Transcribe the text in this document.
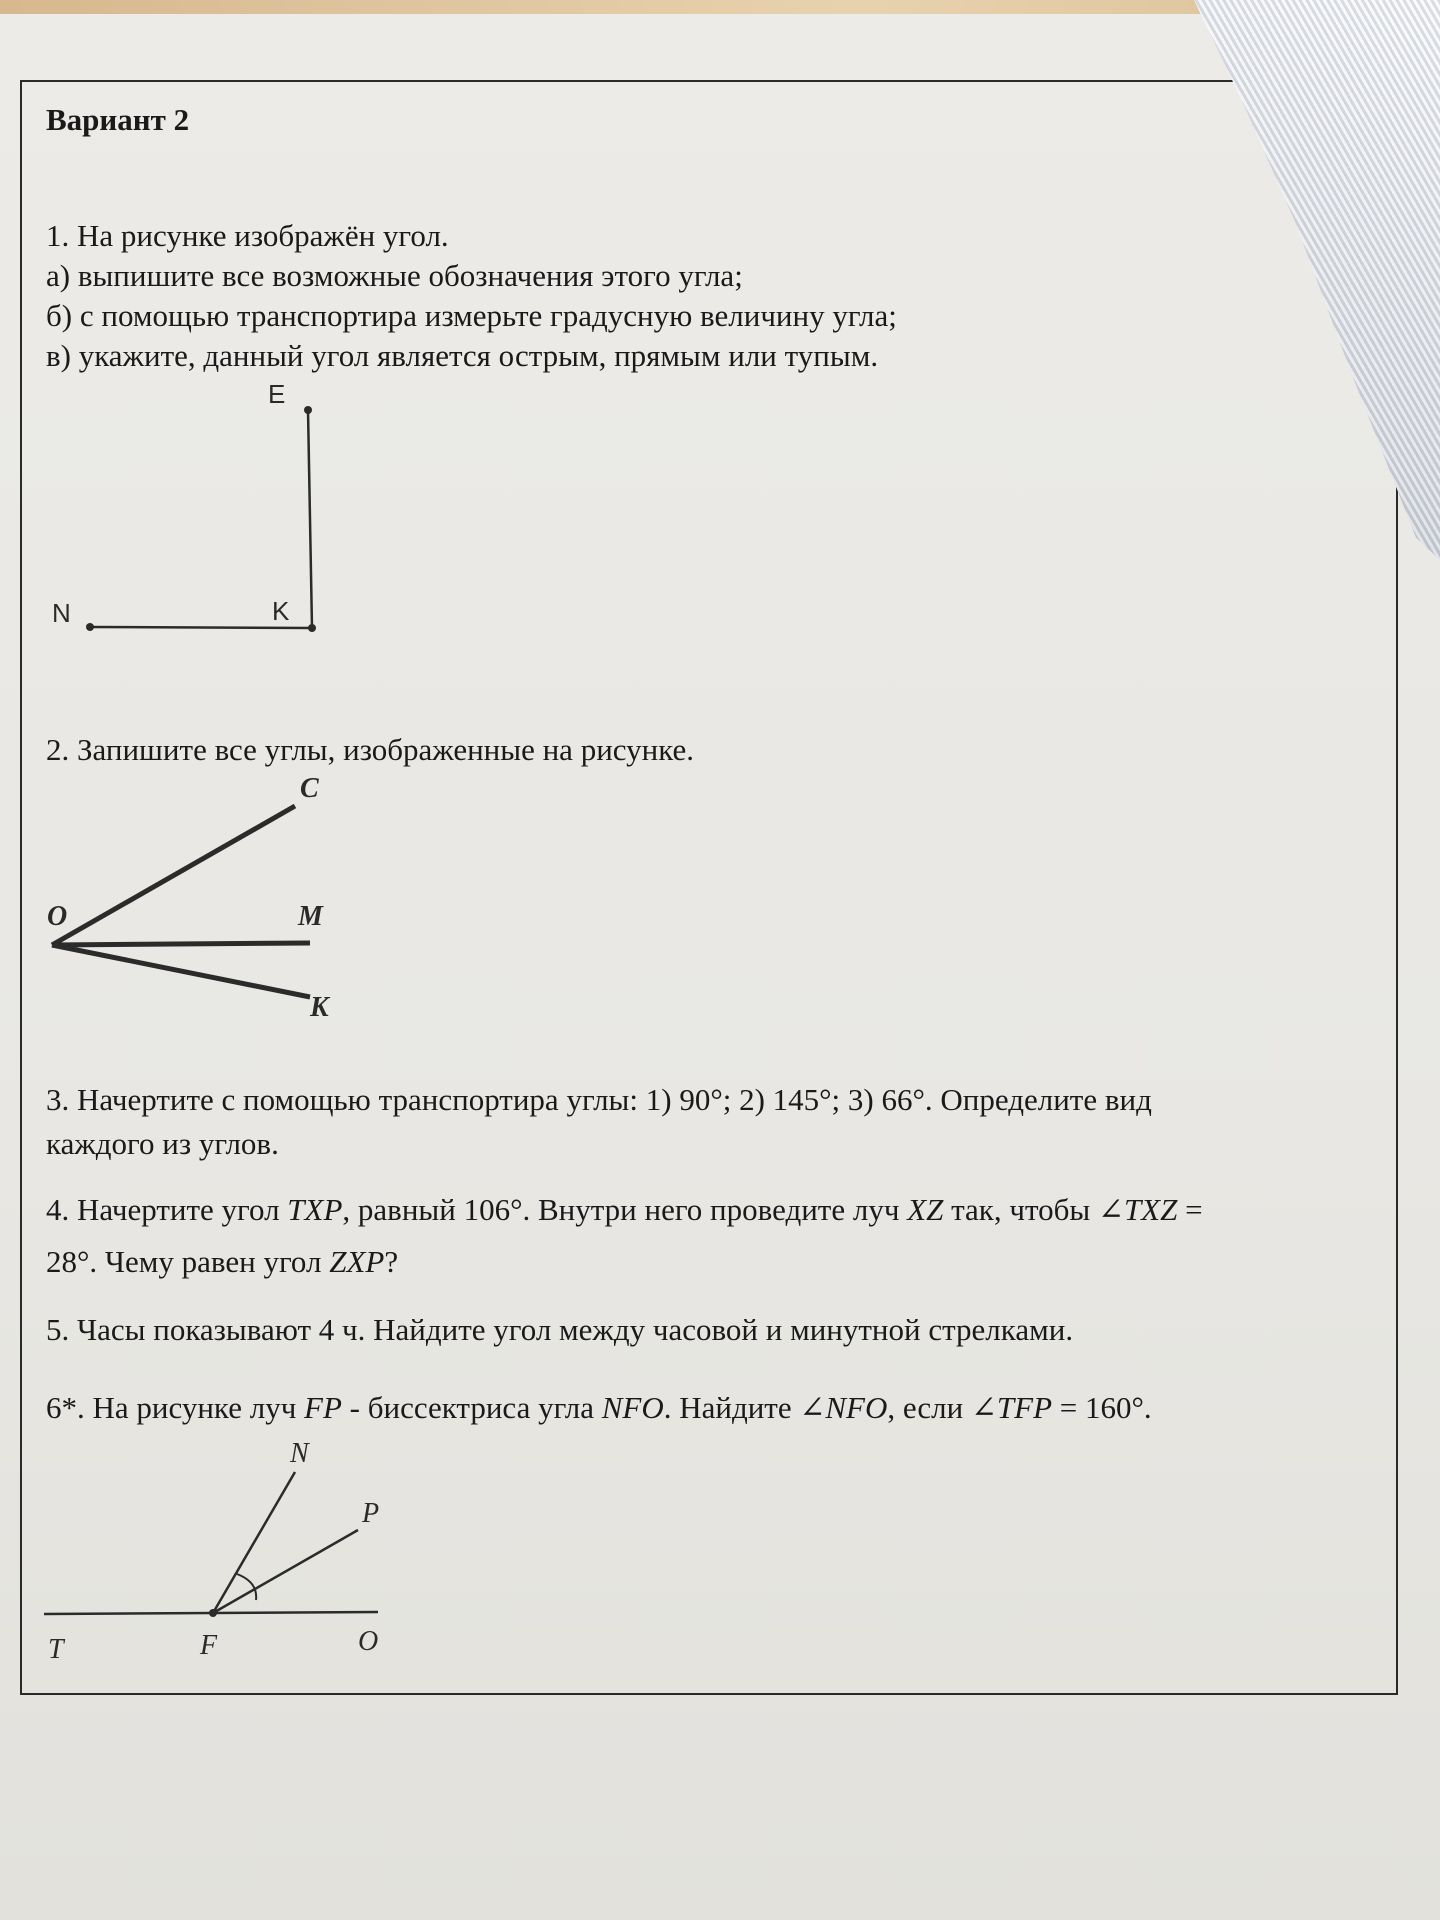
Вариант 2
1. На рисунке изображён угол.
а) выпишите все возможные обозначения этого угла;
б) с помощью транспортира измерьте градусную величину угла;
в) укажите, данный угол является острым, прямым или тупым.
E
K
N
2. Запишите все углы, изображенные на рисунке.
C
O	M
K
3. Начертите с помощью транспортира углы: 1) 90°; 2) 145°; 3) 66°. Определите вид
каждого из углов.
4. Начертите угол TXP, равный 106°. Внутри него проведите луч XZ так, чтобы ∠TXZ =
28°. Чему равен угол ZXP?
5. Часы показывают 4 ч. Найдите угол между часовой и минутной стрелками.
6*. На рисунке луч FP - биссектриса угла NFO. Найдите ∠NFO, если ∠TFP = 160°.
N
P
T	F	O
